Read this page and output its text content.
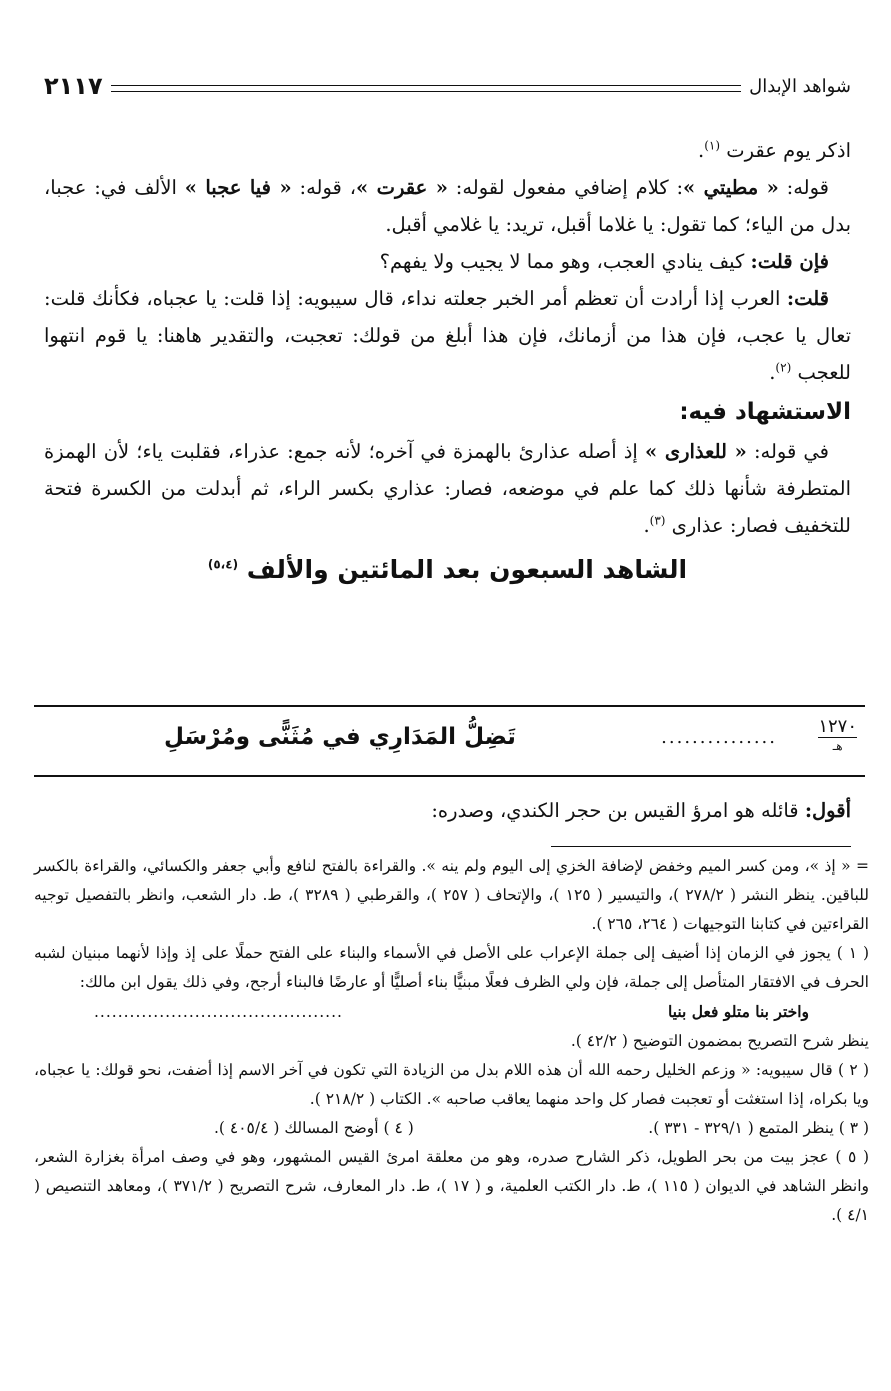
شواهد الإبدال
٢١١٧

اذكر يوم عقرت $^{(١)}$.

قوله: « مطيتي »: كلام إضافي مفعول لقوله: « عقرت »، قوله: « فيا عجبا » الألف في: عجبا، بدل من الياء؛ كما تقول: يا غلاما أقبل، تريد: يا غلامي أقبل.

فإن قلت: كيف ينادي العجب، وهو مما لا يجيب ولا يفهم؟

قلت: العرب إذا أرادت أن تعظم أمر الخبر جعلته نداء، قال سيبويه: إذا قلت: يا عجباه، فكأنك قلت: تعال يا عجب، فإن هذا من أزمانك، فإن هذا أبلغ من قولك: تعجبت، والتقدير هاهنا: يا قوم انتهوا للعجب $^{(٢)}$.

الاستشهاد فيه:

في قوله: « للعذارى » إذ أصله عذارئ بالهمزة في آخره؛ لأنه جمع: عذراء، فقلبت ياء؛ لأن الهمزة المتطرفة شأنها ذلك كما علم في موضعه، فصار: عذاري بكسر الراء، ثم أبدلت من الكسرة فتحة للتخفيف فصار: عذارى $^{(٣)}$.

الشاهد السبعون بعد المائتين والألف $^{(٥،٤)}$
١٢٧٠
هـ
...............
تَضِلُّ المَدَارِي في مُثَنًّى ومُرْسَلِ
أقول: قائله هو امرؤ القيس بن حجر الكندي، وصدره:

= « إذ »، ومن كسر الميم وخفض لإضافة الخزي إلى اليوم ولم ينه ». والقراءة بالفتح لنافع وأبي جعفر والكسائي، والقراءة بالكسر للباقين. ينظر النشر ( ٢٧٨/٢ )، والتيسير ( ١٢٥ )، والإتحاف ( ٢٥٧ )، والقرطبي ( ٣٢٨٩ )، ط. دار الشعب، وانظر بالتفصيل توجيه القراءتين في كتابنا التوجيهات ( ٢٦٤، ٢٦٥ ).

( ١ ) يجوز في الزمان إذا أضيف إلى جملة الإعراب على الأصل في الأسماء والبناء على الفتح حملًا على إذ وإذا لأنهما مبنيان لشبه الحرف في الافتقار المتأصل إلى جملة، فإن ولي الظرف فعلًا مبنيًّا بناء أصليًّا أو عارضًا فالبناء أرجح، وفي ذلك يقول ابن مالك:

واختر بنا متلو فعل بنيا
..........................................

ينظر شرح التصريح بمضمون التوضيح ( ٤٢/٢ ).

( ٢ ) قال سيبويه: « وزعم الخليل رحمه الله أن هذه اللام بدل من الزيادة التي تكون في آخر الاسم إذا أضفت، نحو قولك: يا عجباه، ويا بكراه، إذا استغثت أو تعجبت فصار كل واحد منهما يعاقب صاحبه ». الكتاب ( ٢١٨/٢ ).

( ٣ ) ينظر المتمع ( ٣٢٩/١ - ٣٣١ ).
( ٤ ) أوضح المسالك ( ٤٠٥/٤ ).

( ٥ ) عجز بيت من بحر الطويل، ذكر الشارح صدره، وهو من معلقة امرئ القيس المشهور، وهو في وصف امرأة بغزارة الشعر، وانظر الشاهد في الديوان ( ١١٥ )، ط. دار الكتب العلمية، و ( ١٧ )، ط. دار المعارف، شرح التصريح ( ٣٧١/٢ )، ومعاهد التنصيص ( ٤/١ ).
